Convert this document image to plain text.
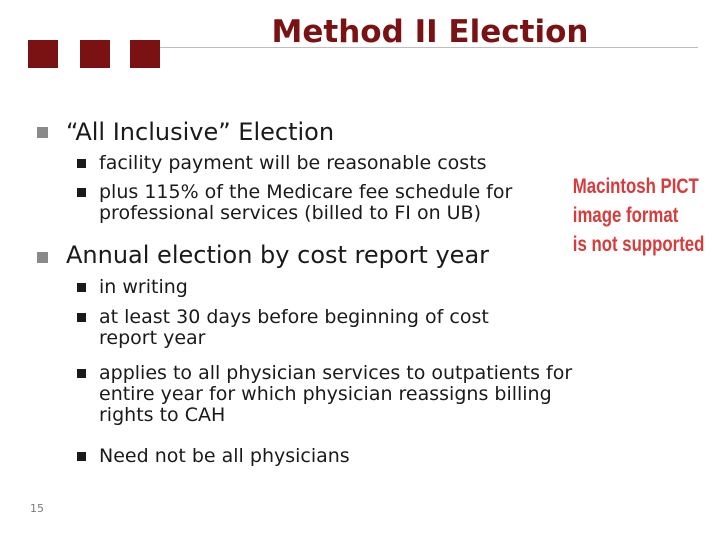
Method II Election
“All Inclusive” Election
facility payment will be reasonable costs
plus 115% of the Medicare fee schedule for professional services (billed to FI on UB)
Annual election by cost report year
in writing
at least 30 days before beginning of cost report year
applies to all physician services to outpatients for entire year for which physician reassigns billing rights to CAH
Need not be all physicians
Macintosh PICT
image format
is not supported
15
